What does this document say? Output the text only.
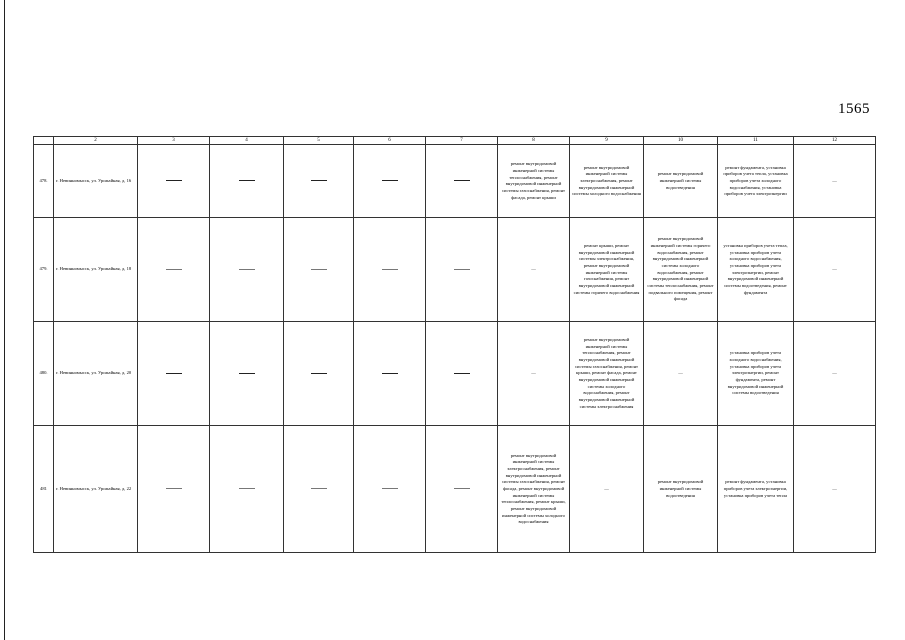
1565
	2	3	4	5	6	7	8	9	10	11	12
478.	г. Невинномысск, ул. Урожайная, д. 16						ремонт внутридомовой инженерной системы теплоснабжения, ремонт внутридомовой инженерной системы газоснабжения, ремонт фасада, ремонт крыши	ремонт внутридомовой инженерной системы электроснабжения, ремонт внутридомовой инженерной системы холодного водоснабжения	ремонт внутридомовой инженерной системы водоотведения	ремонт фундамента, установка приборов учета тепла, установка приборов учета холодного водоснабжения, установка приборов учета электроэнергии	—
479.	г. Невинномысск, ул. Урожайная, д. 18						—	ремонт крыши, ремонт внутридомовой инженерной системы электроснабжения, ремонт внутридомовой инженерной системы газоснабжения, ремонт внутридомовой инженерной системы горячего водоснабжения	ремонт внутридомовой инженерной системы горячего водоснабжения, ремонт внутридомовой инженерной системы холодного водоснабжения, ремонт внутридомовой инженерной системы теплоснабжения, ремонт подвального помещения, ремонт фасада	установка приборов учета тепла, установка приборов учета холодного водоснабжения, установка приборов учета электроэнергии, ремонт внутридомовой инженерной системы водоотведения, ремонт фундамента	—
480.	г. Невинномысск, ул. Урожайная, д. 20						—	ремонт внутридомовой инженерной системы теплоснабжения, ремонт внутридомовой инженерной системы газоснабжения, ремонт крыши, ремонт фасада, ремонт внутридомовой инженерной системы холодного водоснабжения, ремонт внутридомовой инженерной системы электроснабжения	—	установка приборов учета холодного водоснабжения, установка приборов учета электроэнергии, ремонт фундамента, ремонт внутридомовой инженерной системы водоотведения	—
481	г. Невинномысск, ул. Урожайная, д. 22						ремонт внутридомовой инженерной системы электроснабжения, ремонт внутридомовой инженерной системы газоснабжения, ремонт фасада, ремонт внутридомовой инженерной системы теплоснабжения, ремонт крыши, ремонт внутридомовой инженерной системы холодного водоснабжения	—	ремонт внутридомовой инженерной системы водоотведения	ремонт фундамента, установка приборов учета электроэнергии, установка приборов учета тепла	—
